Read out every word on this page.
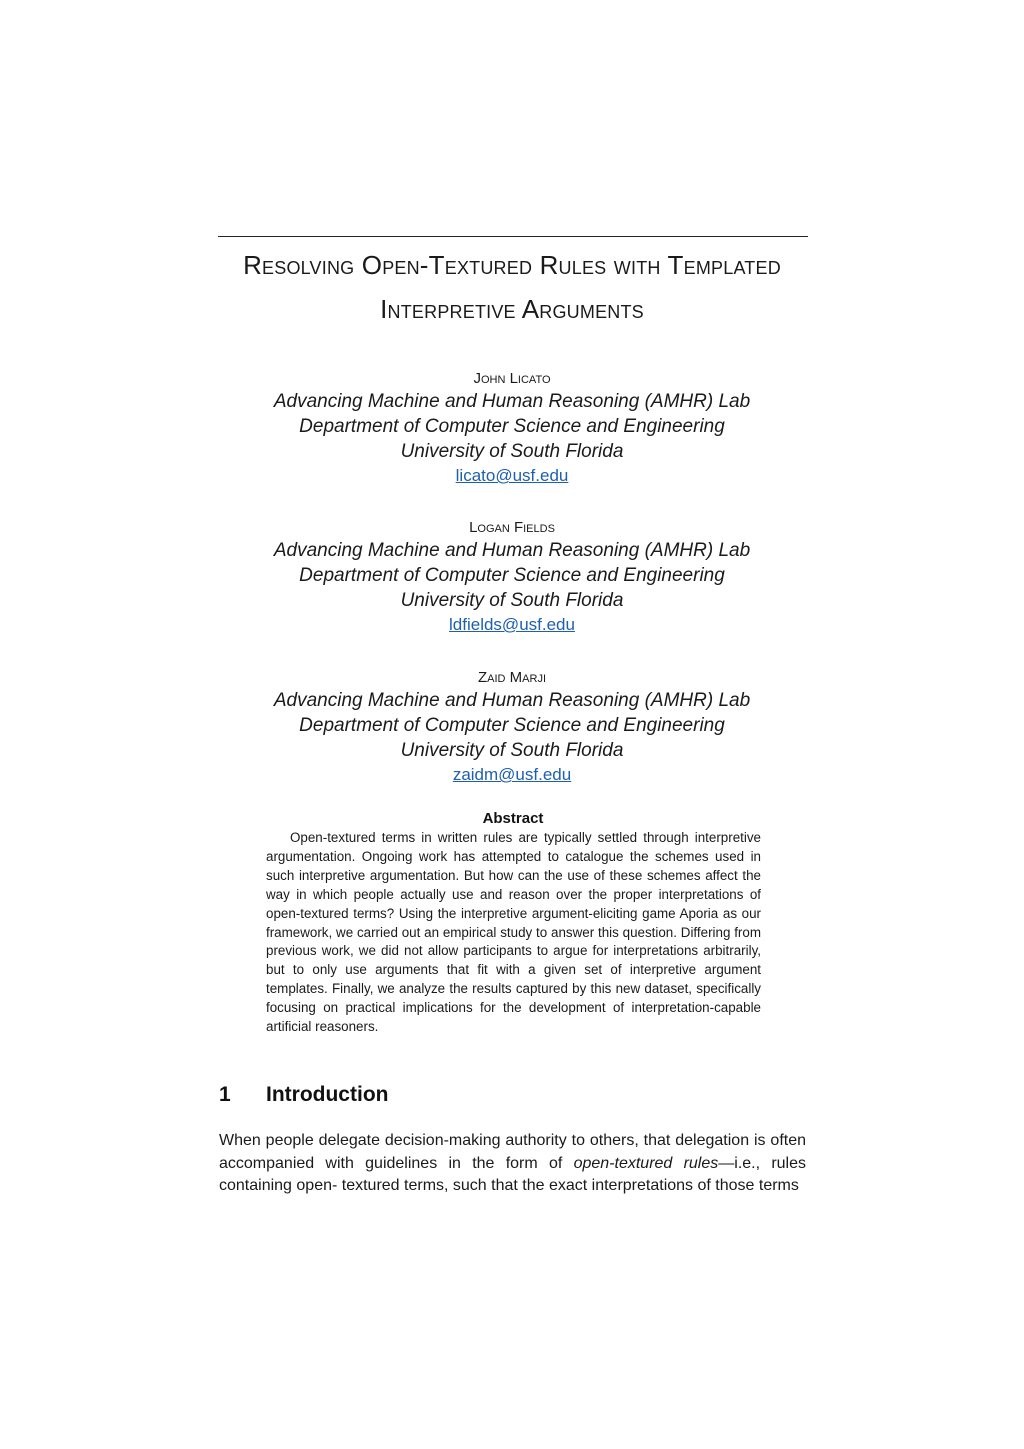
Resolving Open-Textured Rules with Templated
Interpretive Arguments
John Licato
Advancing Machine and Human Reasoning (AMHR) Lab
Department of Computer Science and Engineering
University of South Florida
licato@usf.edu
Logan Fields
Advancing Machine and Human Reasoning (AMHR) Lab
Department of Computer Science and Engineering
University of South Florida
ldfields@usf.edu
Zaid Marji
Advancing Machine and Human Reasoning (AMHR) Lab
Department of Computer Science and Engineering
University of South Florida
zaidm@usf.edu
Abstract
Open-textured terms in written rules are typically settled through interpretive argumentation. Ongoing work has attempted to catalogue the schemes used in such interpretive argumentation. But how can the use of these schemes affect the way in which people actually use and reason over the proper interpretations of open-textured terms? Using the interpretive argument-eliciting game Aporia as our framework, we carried out an empirical study to answer this question. Differing from previous work, we did not allow participants to argue for interpretations arbitrarily, but to only use arguments that fit with a given set of interpretive argument templates. Finally, we analyze the results captured by this new dataset, specifically focusing on practical implications for the development of interpretation-capable artificial reasoners.
1 Introduction
When people delegate decision-making authority to others, that delegation is often accompanied with guidelines in the form of open-textured rules—i.e., rules containing open- textured terms, such that the exact interpretations of those terms
